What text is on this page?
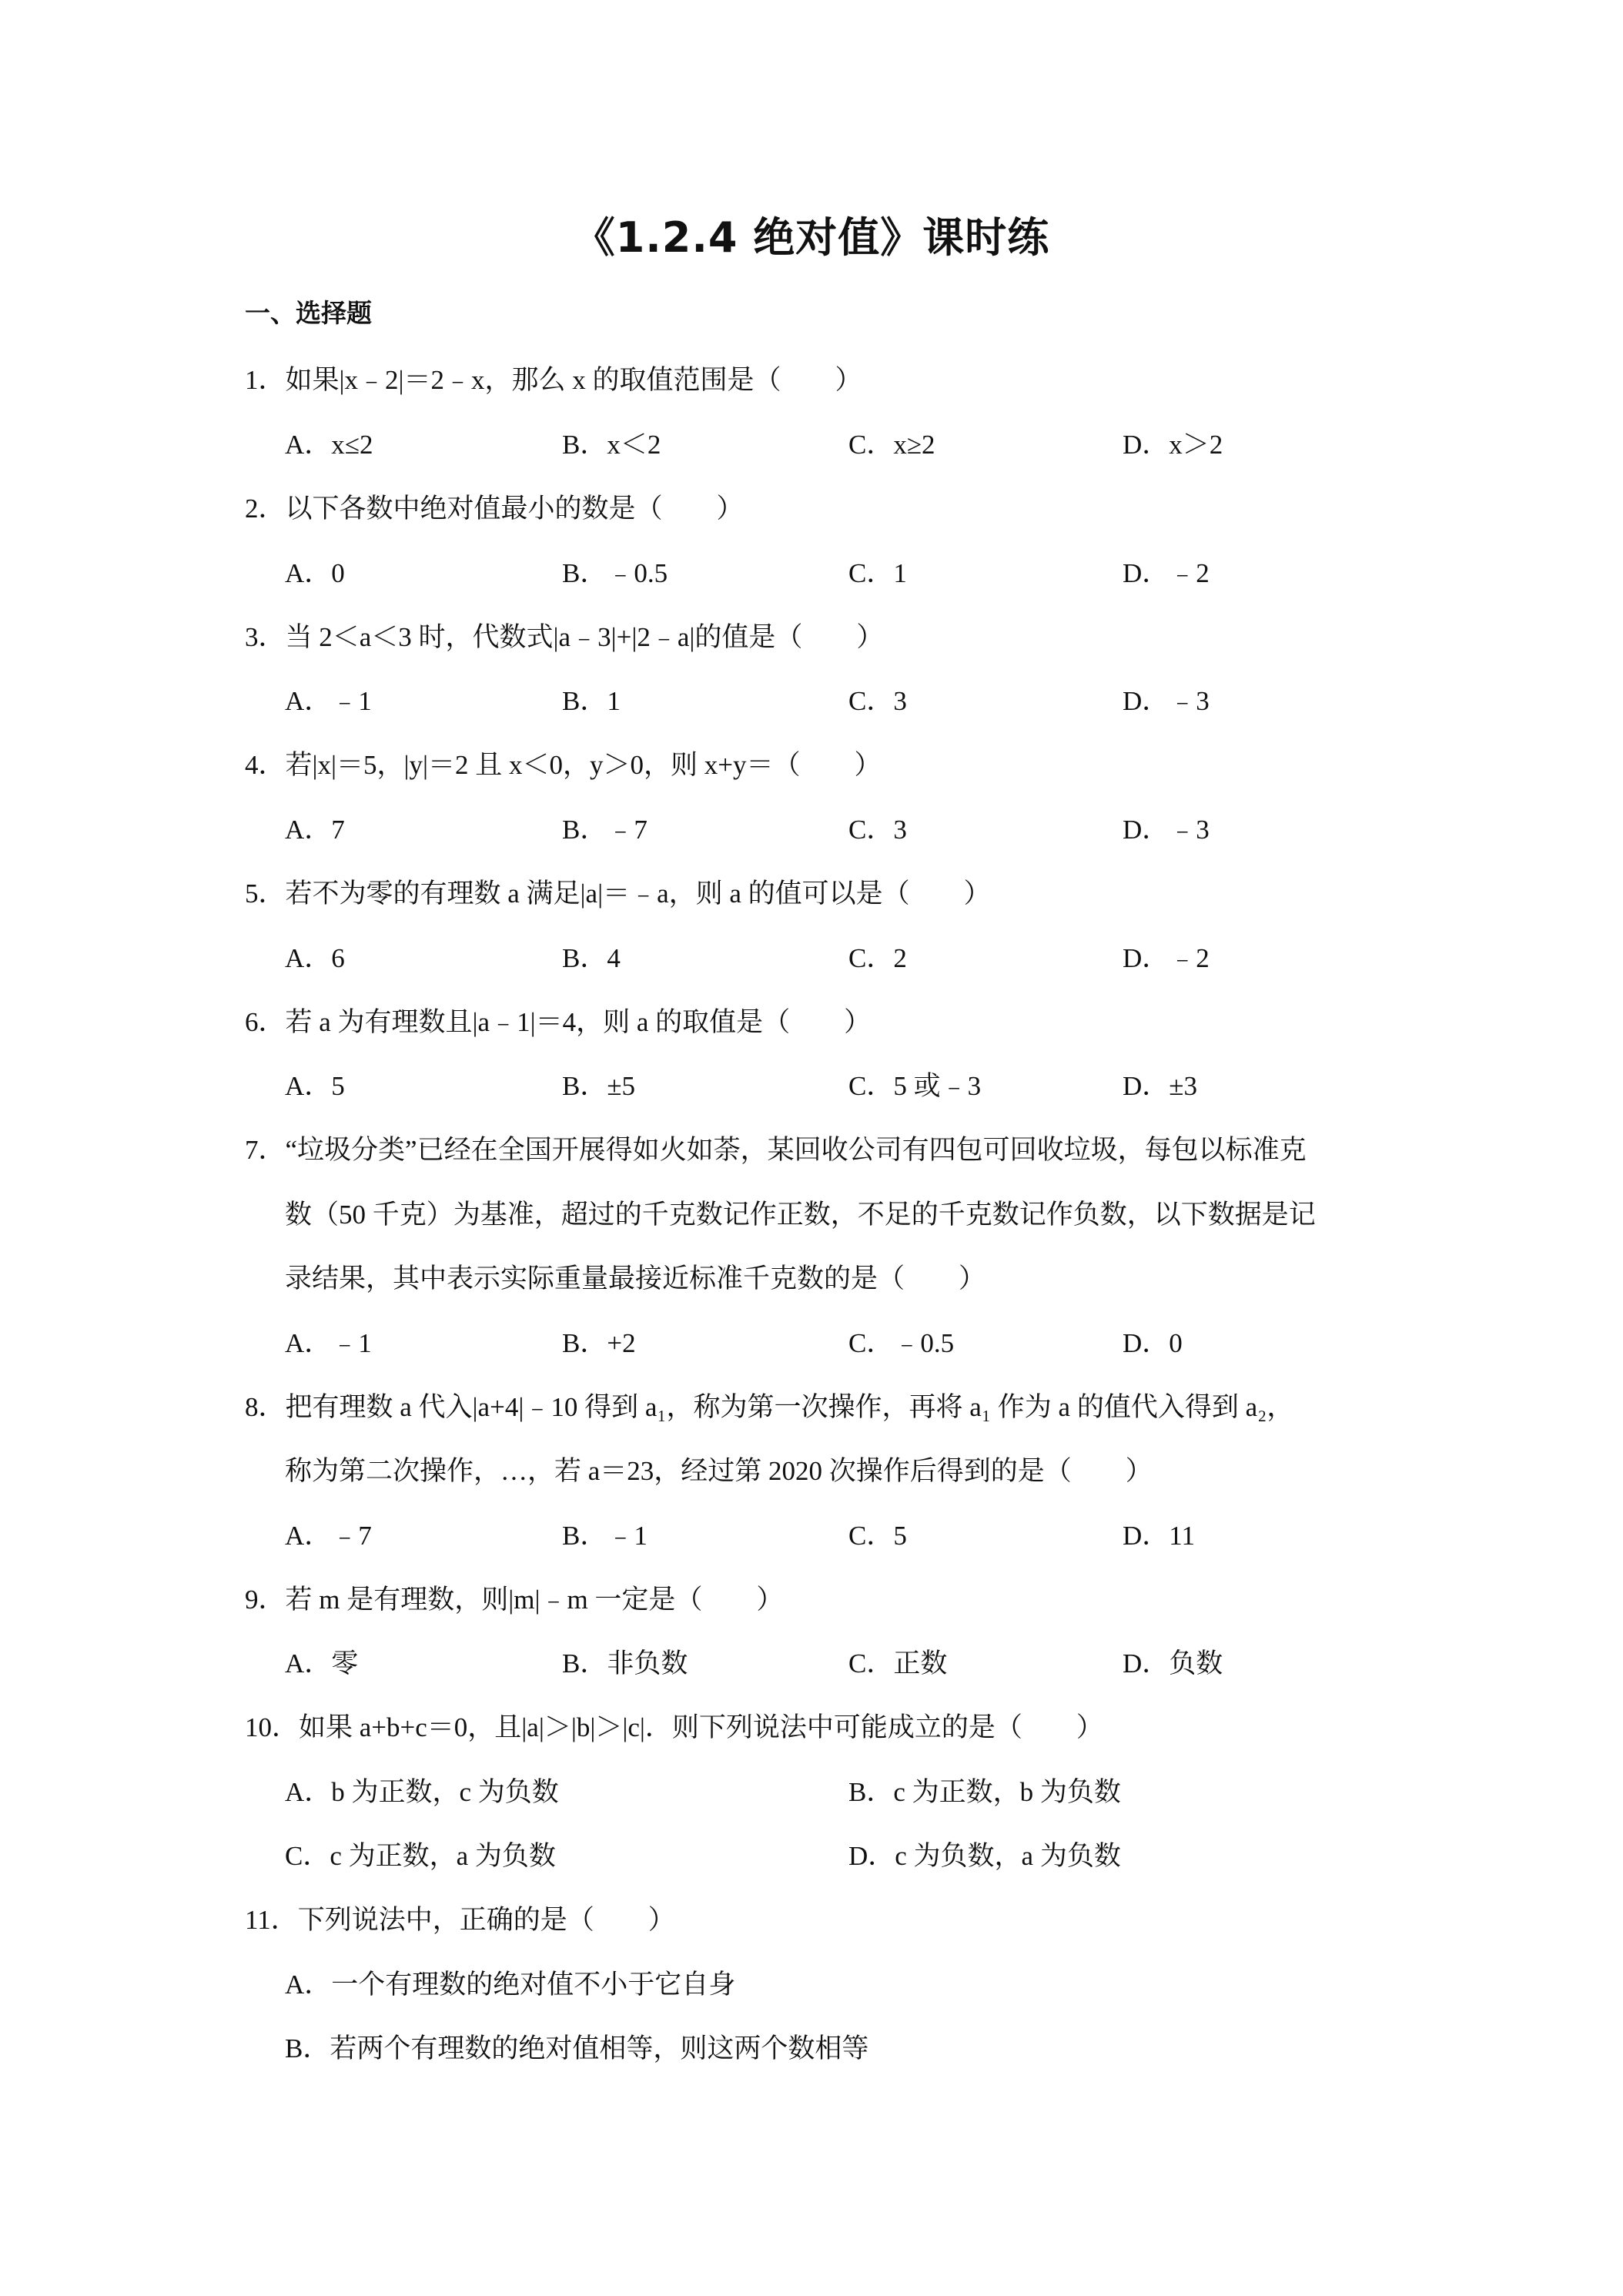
《1.2.4 绝对值》课时练
一、选择题
1．如果|x﹣2|＝2﹣x，那么 x 的取值范围是（　　）
A．x≤2	B．x＜2	C．x≥2	D．x＞2
2．以下各数中绝对值最小的数是（　　）
A．0	B．﹣0.5	C．1	D．﹣2
3．当 2＜a＜3 时，代数式|a﹣3|+|2﹣a|的值是（　　）
A．﹣1	B．1	C．3	D．﹣3
4．若|x|＝5，|y|＝2 且 x＜0，y＞0，则 x+y＝（　　）
A．7	B．﹣7	C．3	D．﹣3
5．若不为零的有理数 a 满足|a|＝﹣a，则 a 的值可以是（　　）
A．6	B．4	C．2	D．﹣2
6．若 a 为有理数且|a﹣1|＝4，则 a 的取值是（　　）
A．5	B．±5	C．5 或﹣3	D．±3
7．“垃圾分类”已经在全国开展得如火如荼，某回收公司有四包可回收垃圾，每包以标准克
数（50 千克）为基准，超过的千克数记作正数，不足的千克数记作负数，以下数据是记
录结果，其中表示实际重量最接近标准千克数的是（　　）
A．﹣1	B．+2	C．﹣0.5	D．0
8．把有理数 a 代入|a+4|﹣10 得到 a₁，称为第一次操作，再将 a₁ 作为 a 的值代入得到 a₂，
称为第二次操作，…，若 a＝23，经过第 2020 次操作后得到的是（　　）
A．﹣7	B．﹣1	C．5	D．11
9．若 m 是有理数，则|m|﹣m 一定是（　　）
A．零	B．非负数	C．正数	D．负数
10．如果 a+b+c＝0，且|a|＞|b|＞|c|．则下列说法中可能成立的是（　　）
A．b 为正数，c 为负数	B．c 为正数，b 为负数
C．c 为正数，a 为负数	D．c 为负数，a 为负数
11．下列说法中，正确的是（　　）
A．一个有理数的绝对值不小于它自身
B．若两个有理数的绝对值相等，则这两个数相等
